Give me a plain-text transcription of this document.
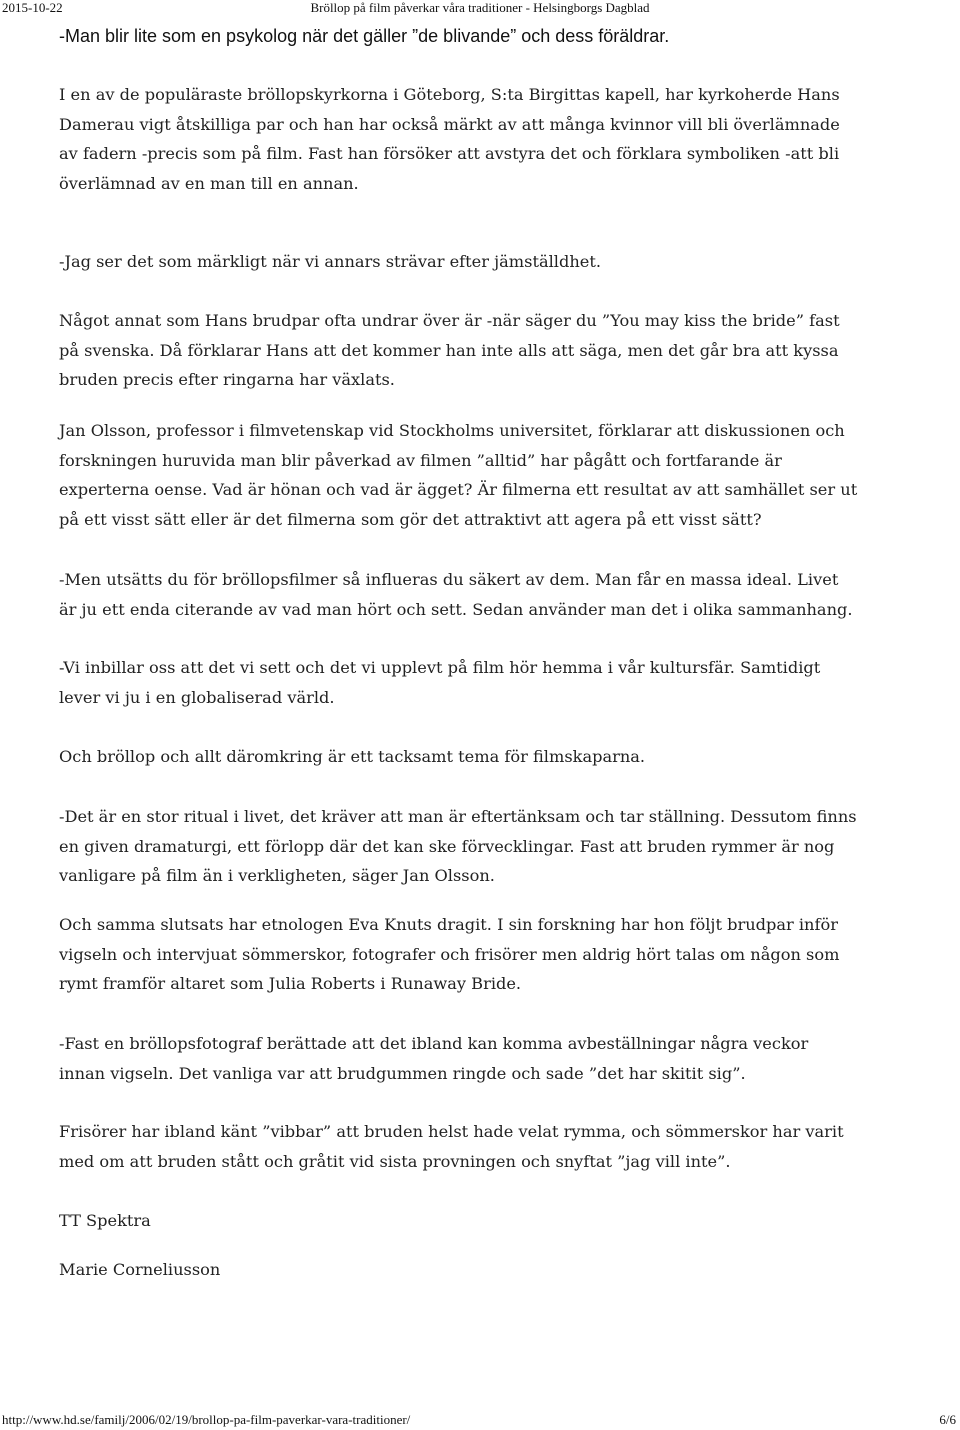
2015-10-22	Bröllop på film påverkar våra traditioner - Helsingborgs Dagblad

-Man blir lite som en psykolog när det gäller ”de blivande” och dess föräldrar.

I en av de populäraste bröllopskyrkorna i Göteborg, S:ta Birgittas kapell, har kyrkoherde Hans
Damerau vigt åtskilliga par och han har också märkt av att många kvinnor vill bli överlämnade
av fadern -precis som på film. Fast han försöker att avstyra det och förklara symboliken -att bli
överlämnad av en man till en annan.

-Jag ser det som märkligt när vi annars strävar efter jämställdhet.

Något annat som Hans brudpar ofta undrar över är -när säger du ”You may kiss the bride” fast
på svenska. Då förklarar Hans att det kommer han inte alls att säga, men det går bra att kyssa
bruden precis efter ringarna har växlats.

Jan Olsson, professor i filmvetenskap vid Stockholms universitet, förklarar att diskussionen och
forskningen huruvida man blir påverkad av filmen ”alltid” har pågått och fortfarande är
experterna oense. Vad är hönan och vad är ägget? Är filmerna ett resultat av att samhället ser ut
på ett visst sätt eller är det filmerna som gör det attraktivt att agera på ett visst sätt?

-Men utsätts du för bröllopsfilmer så influeras du säkert av dem. Man får en massa ideal. Livet
är ju ett enda citerande av vad man hört och sett. Sedan använder man det i olika sammanhang.

-Vi inbillar oss att det vi sett och det vi upplevt på film hör hemma i vår kultursfär. Samtidigt
lever vi ju i en globaliserad värld.

Och bröllop och allt däromkring är ett tacksamt tema för filmskaparna.

-Det är en stor ritual i livet, det kräver att man är eftertänksam och tar ställning. Dessutom finns
en given dramaturgi, ett förlopp där det kan ske förvecklingar. Fast att bruden rymmer är nog
vanligare på film än i verkligheten, säger Jan Olsson.

Och samma slutsats har etnologen Eva Knuts dragit. I sin forskning har hon följt brudpar inför
vigseln och intervjuat sömmerskor, fotografer och frisörer men aldrig hört talas om någon som
rymt framför altaret som Julia Roberts i Runaway Bride.

-Fast en bröllopsfotograf berättade att det ibland kan komma avbeställningar några veckor
innan vigseln. Det vanliga var att brudgummen ringde och sade ”det har skitit sig”.

Frisörer har ibland känt ”vibbar” att bruden helst hade velat rymma, och sömmerskor har varit
med om att bruden stått och gråtit vid sista provningen och snyftat ”jag vill inte”.

TT Spektra

Marie Corneliusson

http://www.hd.se/familj/2006/02/19/brollop-pa-film-paverkar-vara-traditioner/	6/6
